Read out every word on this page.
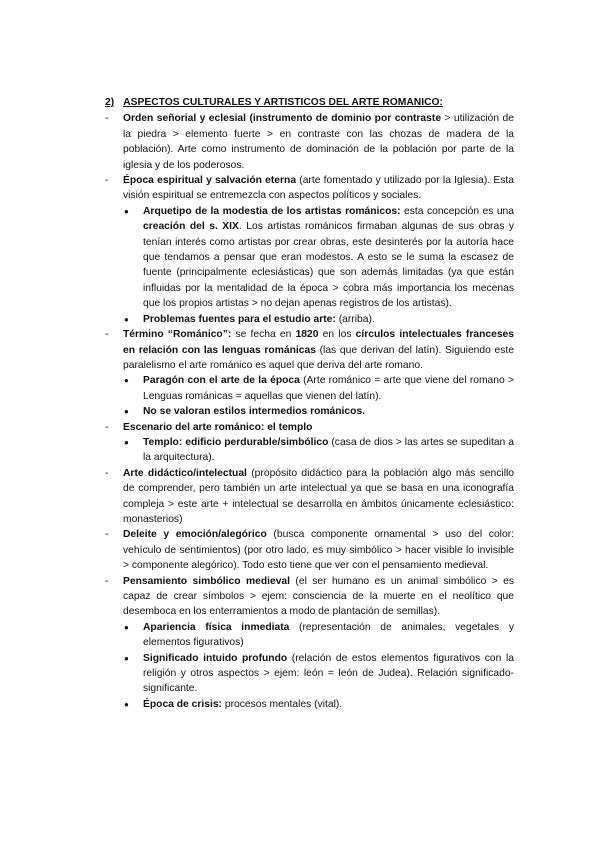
2) ASPECTOS CULTURALES Y ARTISTICOS DEL ARTE ROMANICO:
- Orden señorial y eclesial (instrumento de dominio por contraste > utilización de la piedra > elemento fuerte > en contraste con las chozas de madera de la población). Arte como instrumento de dominación de la población por parte de la iglesia y de los poderosos.
- Época espiritual y salvación eterna (arte fomentado y utilizado por la Iglesia). Esta visión espiritual se entremezcla con aspectos políticos y sociales.
● Arquetipo de la modestia de los artistas románicos: esta concepción es una creación del s. XIX. Los artistas románicos firmaban algunas de sus obras y tenían interés como artistas por crear obras, este desinterés por la autoría hace que tendamos a pensar que eran modestos. A esto se le suma la escasez de fuente (principalmente eclesiásticas) que son además limitadas (ya que están influidas por la mentalidad de la época > cobra más importancia los mecenas que los propios artistas > no dejan apenas registros de los artistas).
● Problemas fuentes para el estudio arte: (arriba).
- Término “Románico”: se fecha en 1820 en los círculos intelectuales franceses en relación con las lenguas románicas (las que derivan del latín). Siguiendo este paralelismo el arte románico es aquel que deriva del arte romano.
● Paragón con el arte de la época (Arte románico = arte que viene del romano > Lenguas románicas = aquellas que vienen del latín).
● No se valoran estilos intermedios románicos.
- Escenario del arte románico: el templo
● Templo: edificio perdurable/simbólico (casa de dios > las artes se supeditan a la arquitectura).
- Arte didáctico/intelectual (propósito didáctico para la población algo más sencillo de comprender, pero también un arte intelectual ya que se basa en una iconografía compleja > este arte + intelectual se desarrolla en ámbitos únicamente eclesiástico: monasterios)
- Deleite y emoción/alegórico (busca componente ornamental > uso del color: vehículo de sentimientos) (por otro lado, es muy simbólico > hacer visible lo invisible > componente alegórico). Todo esto tiene que ver con el pensamiento medieval.
- Pensamiento simbólico medieval (el ser humano es un animal simbólico > es capaz de crear símbolos > ejem: consciencia de la muerte en el neolítico que desemboca en los enterramientos a modo de plantación de semillas).
● Apariencia física inmediata (representación de animales, vegetales y elementos figurativos)
● Significado intuido profundo (relación de estos elementos figurativos con la religión y otros aspectos > ejem: león = león de Judea). Relación significado-significante.
● Época de crisis: procesos mentales (vital).
